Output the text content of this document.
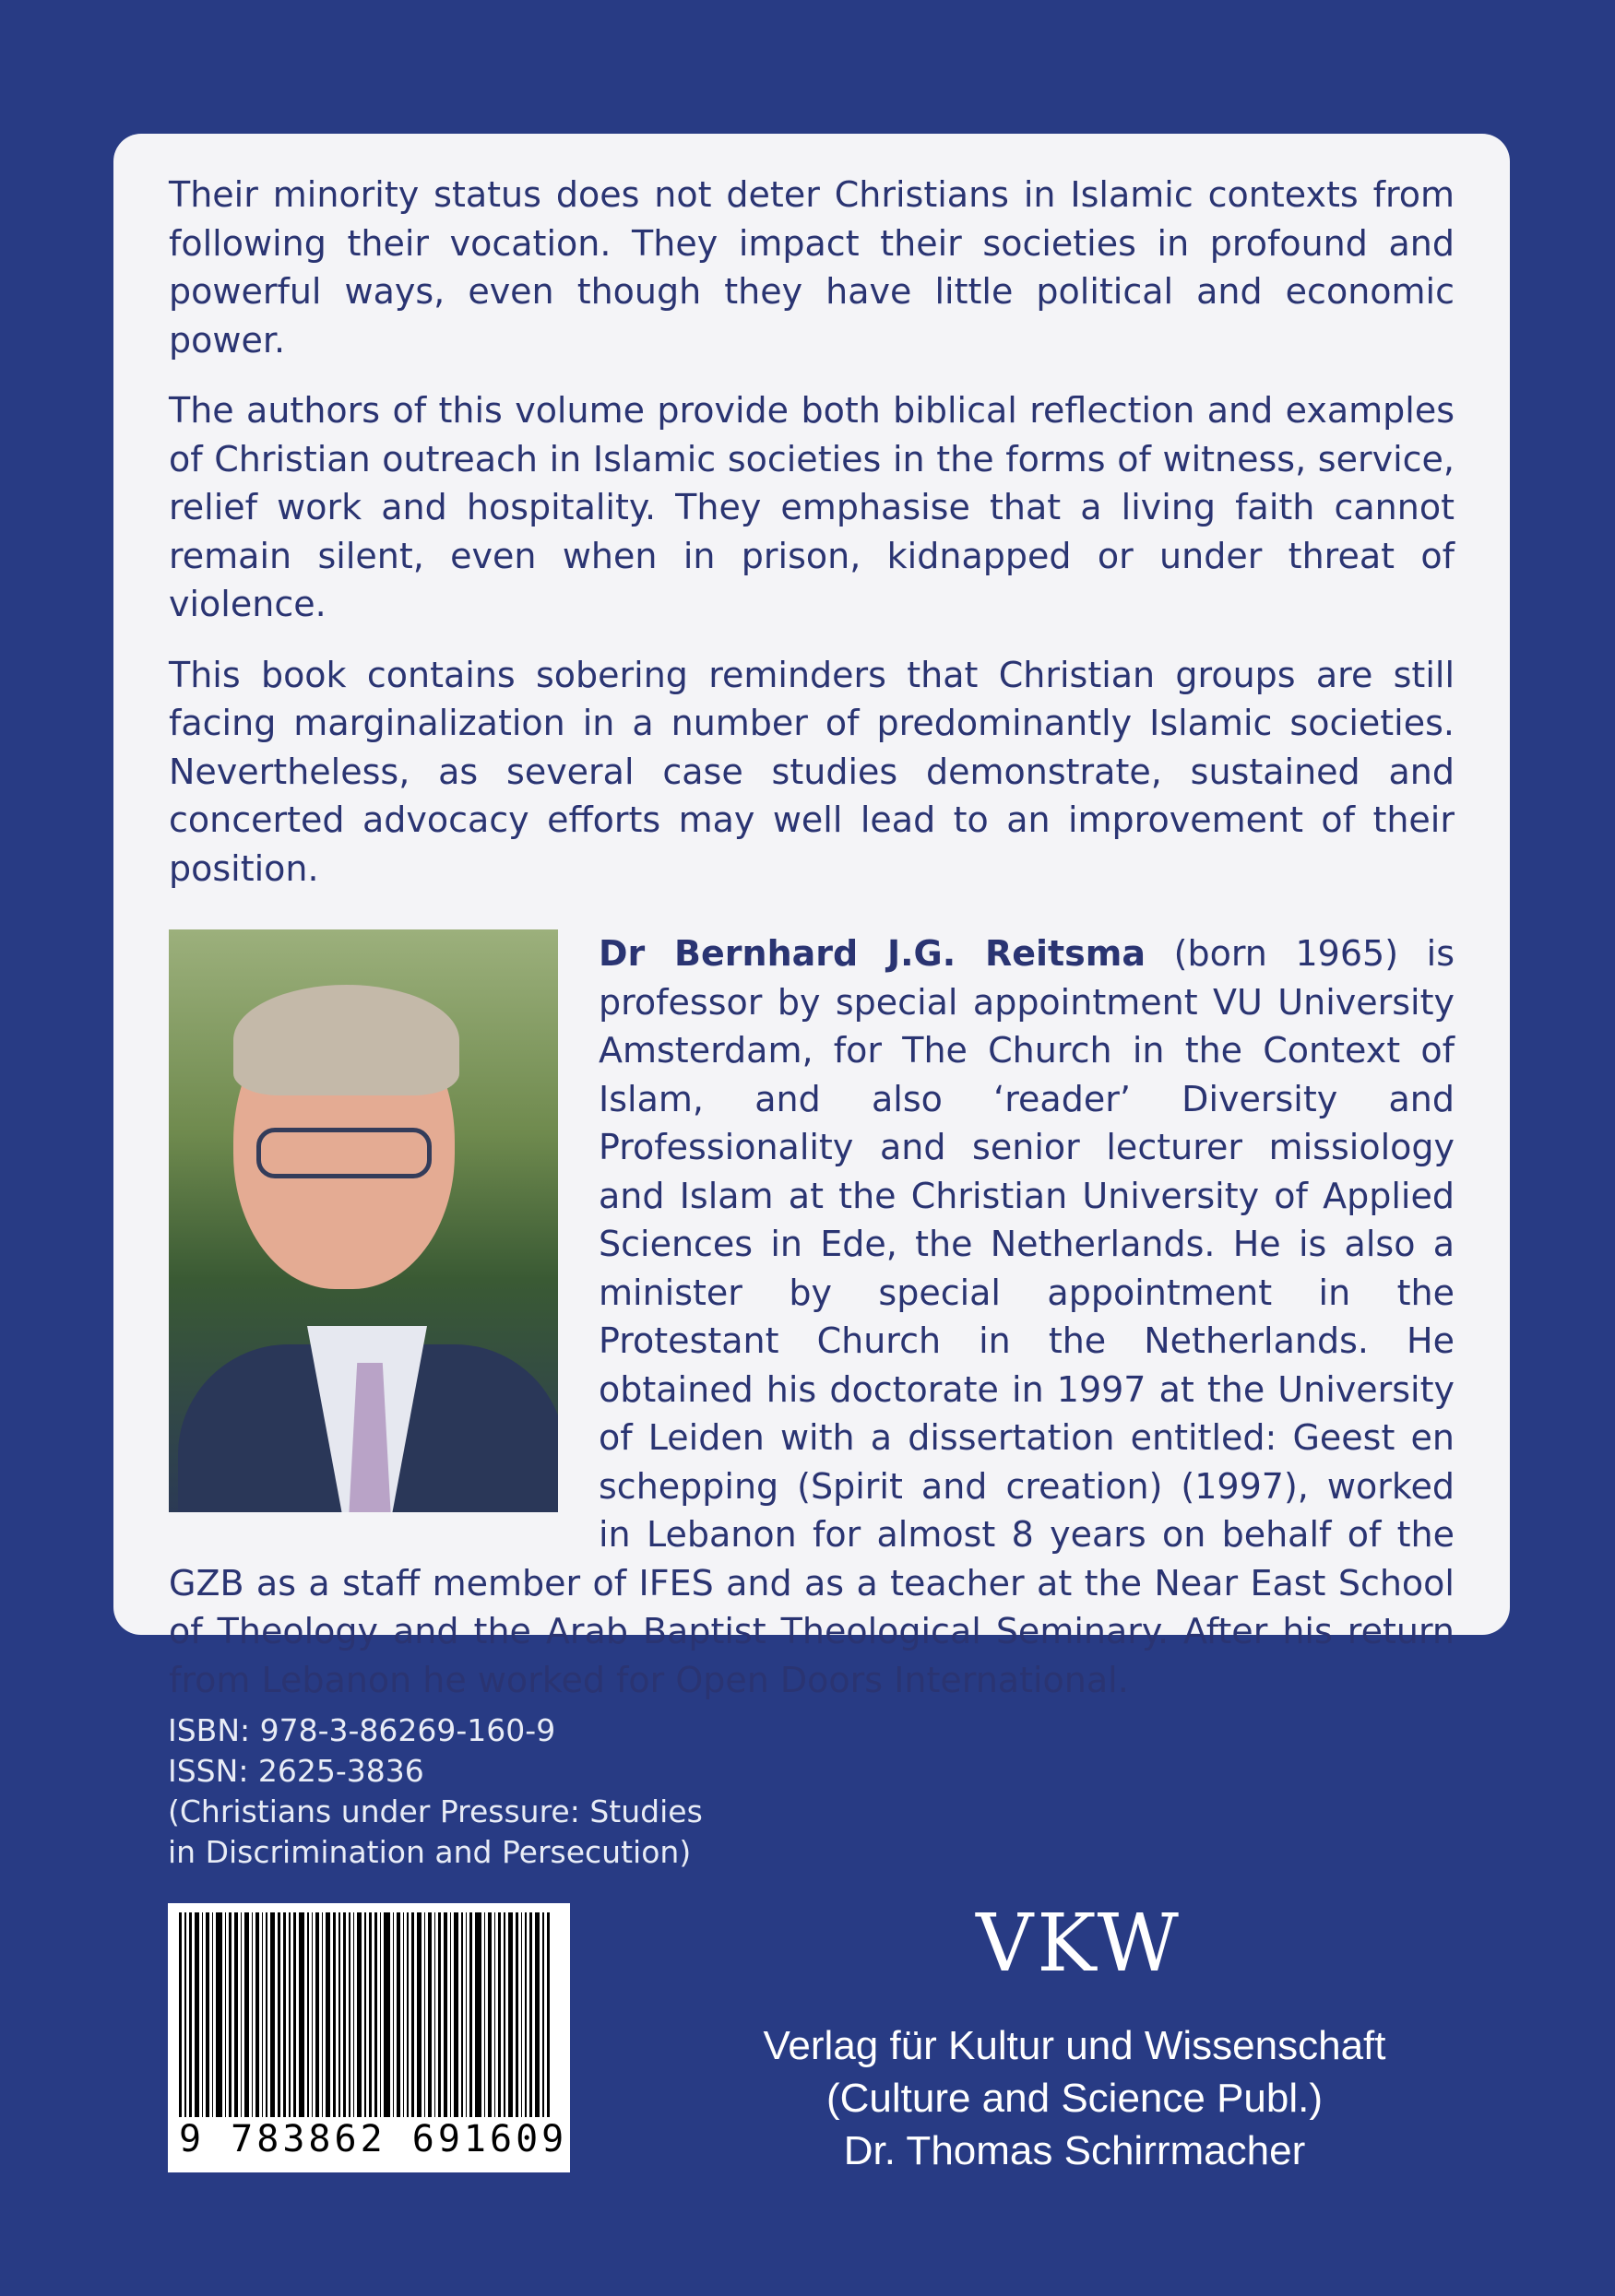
Their minority status does not deter Christians in Islamic contexts from following their vocation. They impact their societies in profound and powerful ways, even though they have little political and economic power.

The authors of this volume provide both biblical reflection and examples of Christian outreach in Islamic societies in the forms of witness, service, relief work and hospitality. They emphasise that a living faith cannot remain silent, even when in prison, kidnapped or under threat of violence.

This book contains sobering reminders that Christian groups are still facing marginalization in a number of predominantly Islamic societies. Nevertheless, as several case studies demonstrate, sustained and concerted advocacy efforts may well lead to an improvement of their position.

Dr Bernhard J.G. Reitsma (born 1965) is professor by special appointment VU University Amsterdam, for The Church in the Context of Islam, and also ‘reader’ Diversity and Professionality and senior lecturer missiology and Islam at the Christian University of Applied Sciences in Ede, the Netherlands. He is also a minister by special appointment in the Protestant Church in the Netherlands. He obtained his doctorate in 1997 at the University of Leiden with a dissertation entitled: Geest en schepping (Spirit and creation) (1997), worked in Lebanon for almost 8 years on behalf of the GZB as a staff member of IFES and as a teacher at the Near East School of Theology and the Arab Baptist Theological Seminary. After his return from Lebanon he worked for Open Doors International.
ISBN: 978-3-86269-160-9
ISSN: 2625-3836
(Christians under Pressure: Studies
in Discrimination and Persecution)
9 783862 691609
VKW
Verlag für Kultur und Wissenschaft
(Culture and Science Publ.)
Dr. Thomas Schirrmacher
